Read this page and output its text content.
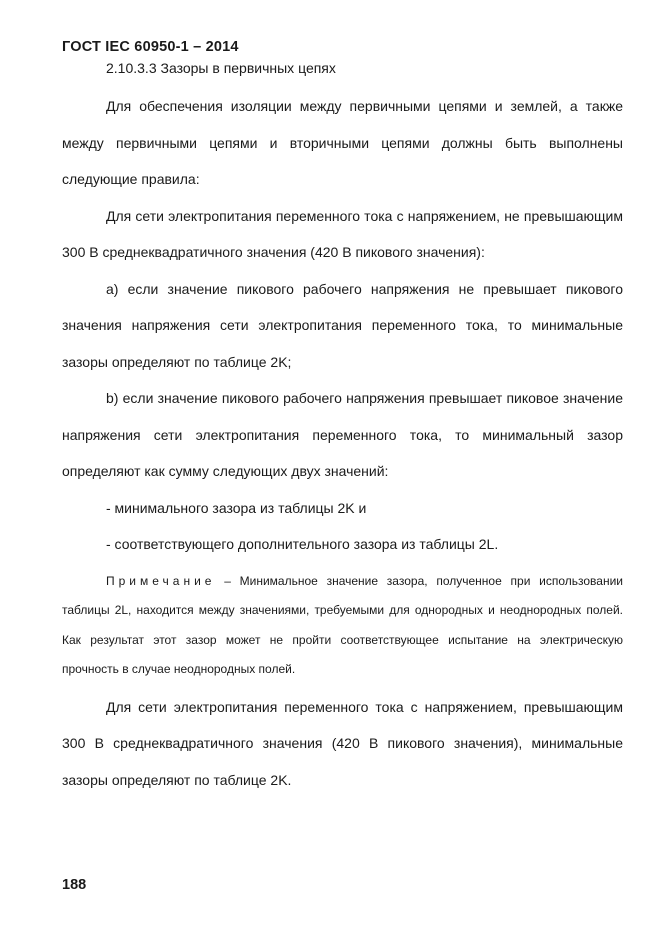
ГОСТ IEC 60950-1 – 2014
2.10.3.3 Зазоры в первичных цепях

Для обеспечения изоляции между первичными цепями и землей, а также между первичными цепями и вторичными цепями должны быть выполнены следующие правила:

Для сети электропитания переменного тока с напряжением, не превышающим 300 В среднеквадратичного значения (420 В пикового значения):

a) если значение пикового рабочего напряжения не превышает пикового значения напряжения сети электропитания переменного тока, то минимальные зазоры определяют по таблице 2K;

b) если значение пикового рабочего напряжения превышает пиковое значение напряжения сети электропитания переменного тока, то минимальный зазор определяют как сумму следующих двух значений:

- минимального зазора из таблицы 2K и

- соответствующего дополнительного зазора из таблицы 2L.

Примечание – Минимальное значение зазора, полученное при использовании таблицы 2L, находится между значениями, требуемыми для однородных и неоднородных полей. Как результат этот зазор может не пройти соответствующее испытание на электрическую прочность в случае неоднородных полей.

Для сети электропитания переменного тока с напряжением, превышающим 300 В среднеквадратичного значения (420 В пикового значения), минимальные зазоры определяют по таблице 2K.

188
